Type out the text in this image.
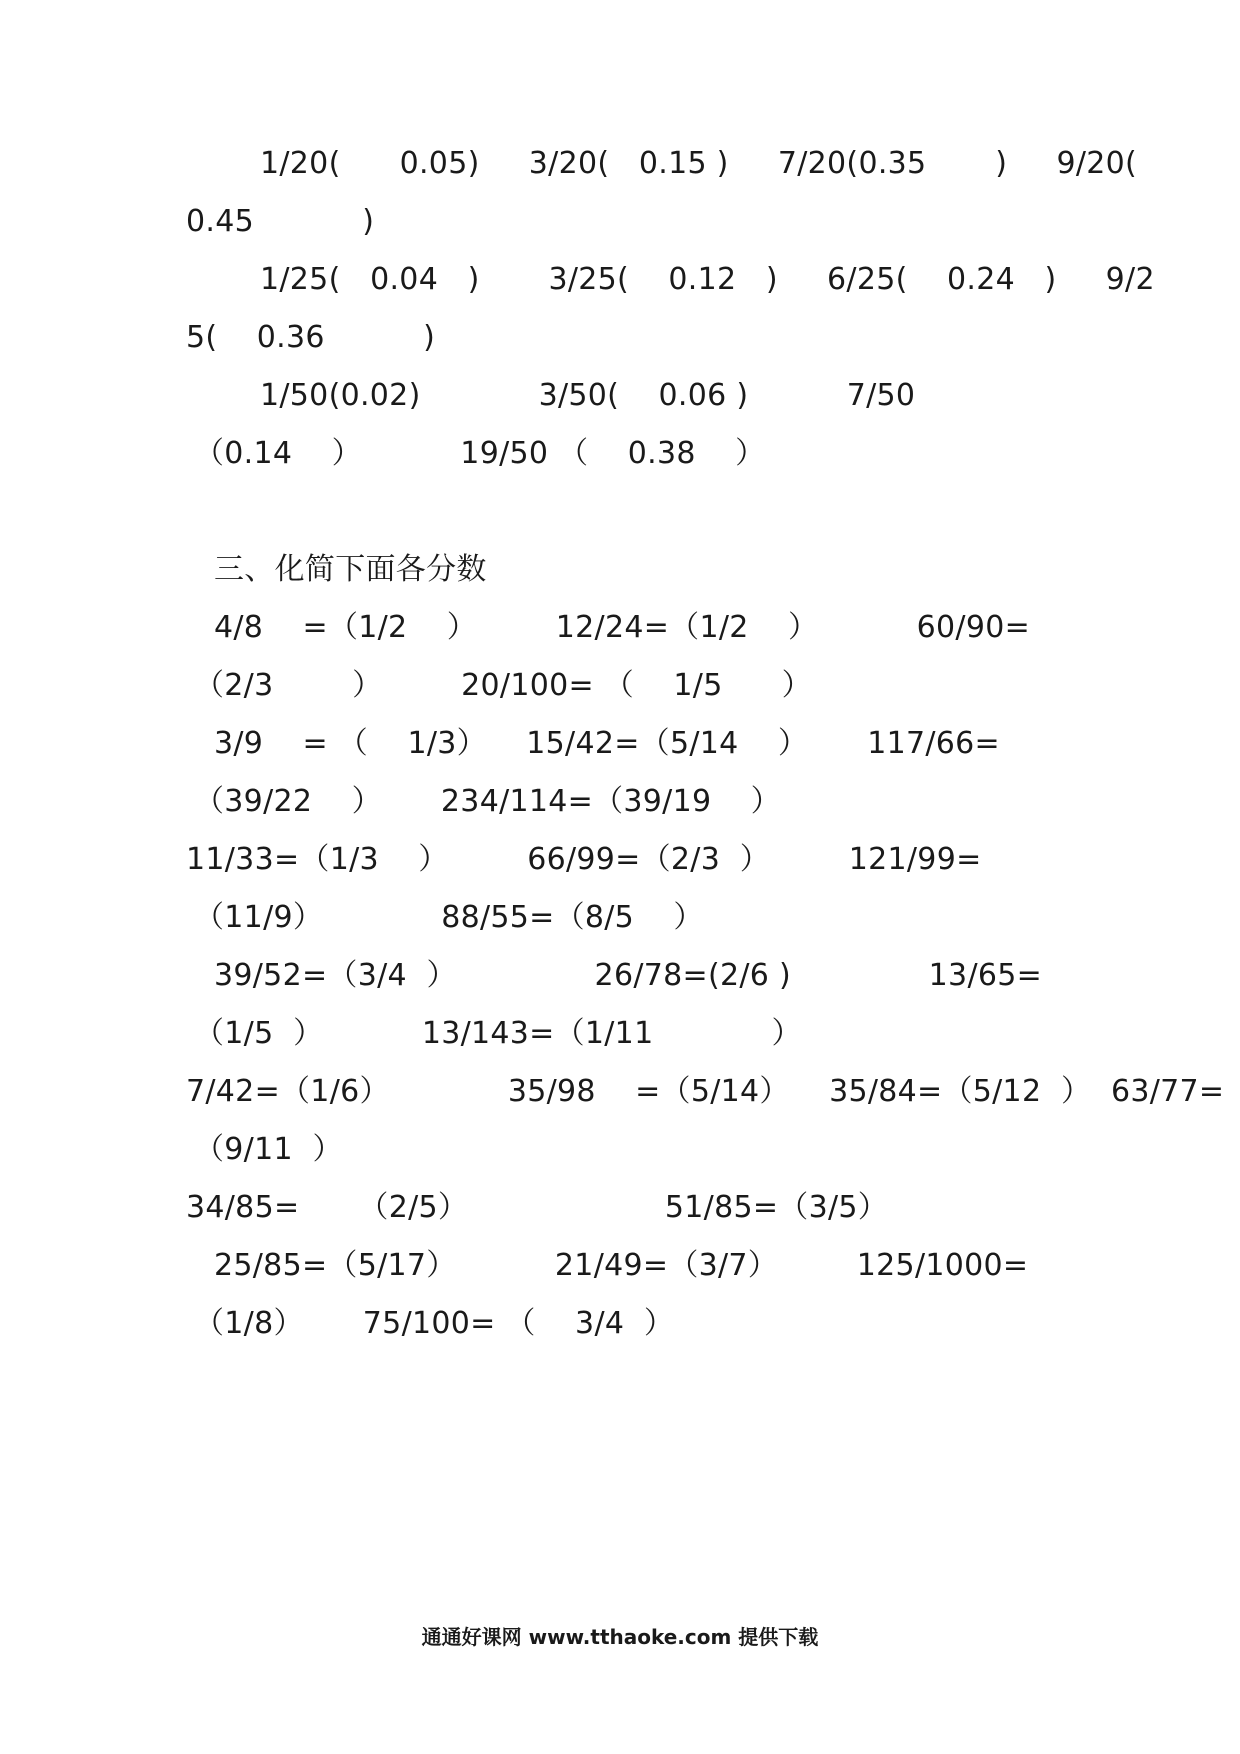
1/20(      0.05)     3/20(   0.15 )     7/20(0.35       )     9/20(
0.45           )
1/25(   0.04   )       3/25(    0.12   )     6/25(    0.24   )     9/2
5(    0.36          )
1/50(0.02)            3/50(    0.06 )          7/50
（0.14    ）          19/50 （    0.38    ）
三、化简下面各分数
4/8    =（1/2    ）        12/24=（1/2    ）          60/90=
（2/3        ）        20/100= （    1/5      ）
3/9    = （    1/3）    15/42=（5/14    ）      117/66=
（39/22    ）      234/114=（39/19    ）
11/33=（1/3    ）        66/99=（2/3  ）        121/99=
（11/9）            88/55=（8/5    ）
39/52=（3/4  ）              26/78=(2/6 )              13/65=
（1/5  ）          13/143=（1/11            ）
7/42=（1/6）            35/98    =（5/14）    35/84=（5/12  ）  63/77=
（9/11  ）
34/85=      （2/5）                    51/85=（3/5）
25/85=（5/17）          21/49=（3/7）        125/1000=
（1/8）      75/100= （    3/4  ）
通通好课网 www.tthaoke.com 提供下载
